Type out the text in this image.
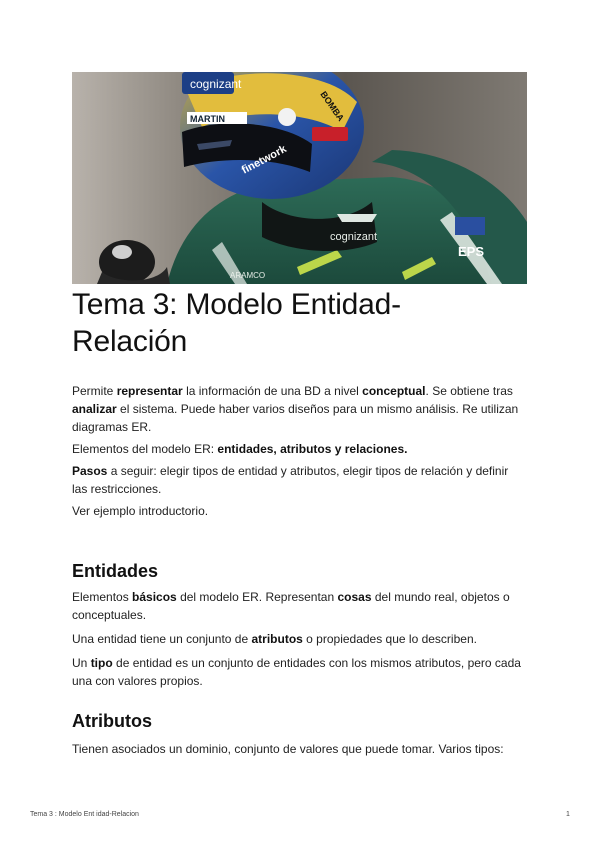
cognizant
MARTIN	BOMBA
finetwork
cognizant
EPS
ARAMCO
Tema 3: Modelo Entidad-
Relación

Permite representar la información de una BD a nivel conceptual. Se obtiene tras
analizar el sistema. Puede haber varios diseños para un mismo análisis. Re utilizan
diagramas ER.

Elementos del modelo ER: entidades, atributos y relaciones.

Pasos a seguir: elegir tipos de entidad y atributos, elegir tipos de relación y definir
las restricciones.

Ver ejemplo introductorio.

Entidades

Elementos básicos del modelo ER. Representan cosas del mundo real, objetos o
conceptuales.

Una entidad tiene un conjunto de atributos o propiedades que lo describen.

Un tipo de entidad es un conjunto de entidades con los mismos atributos, pero cada
una con valores propios.

Atributos

Tienen asociados un dominio, conjunto de valores que puede tomar. Varios tipos:

Tema 3 : Modelo Ent idad-Relacion	1
